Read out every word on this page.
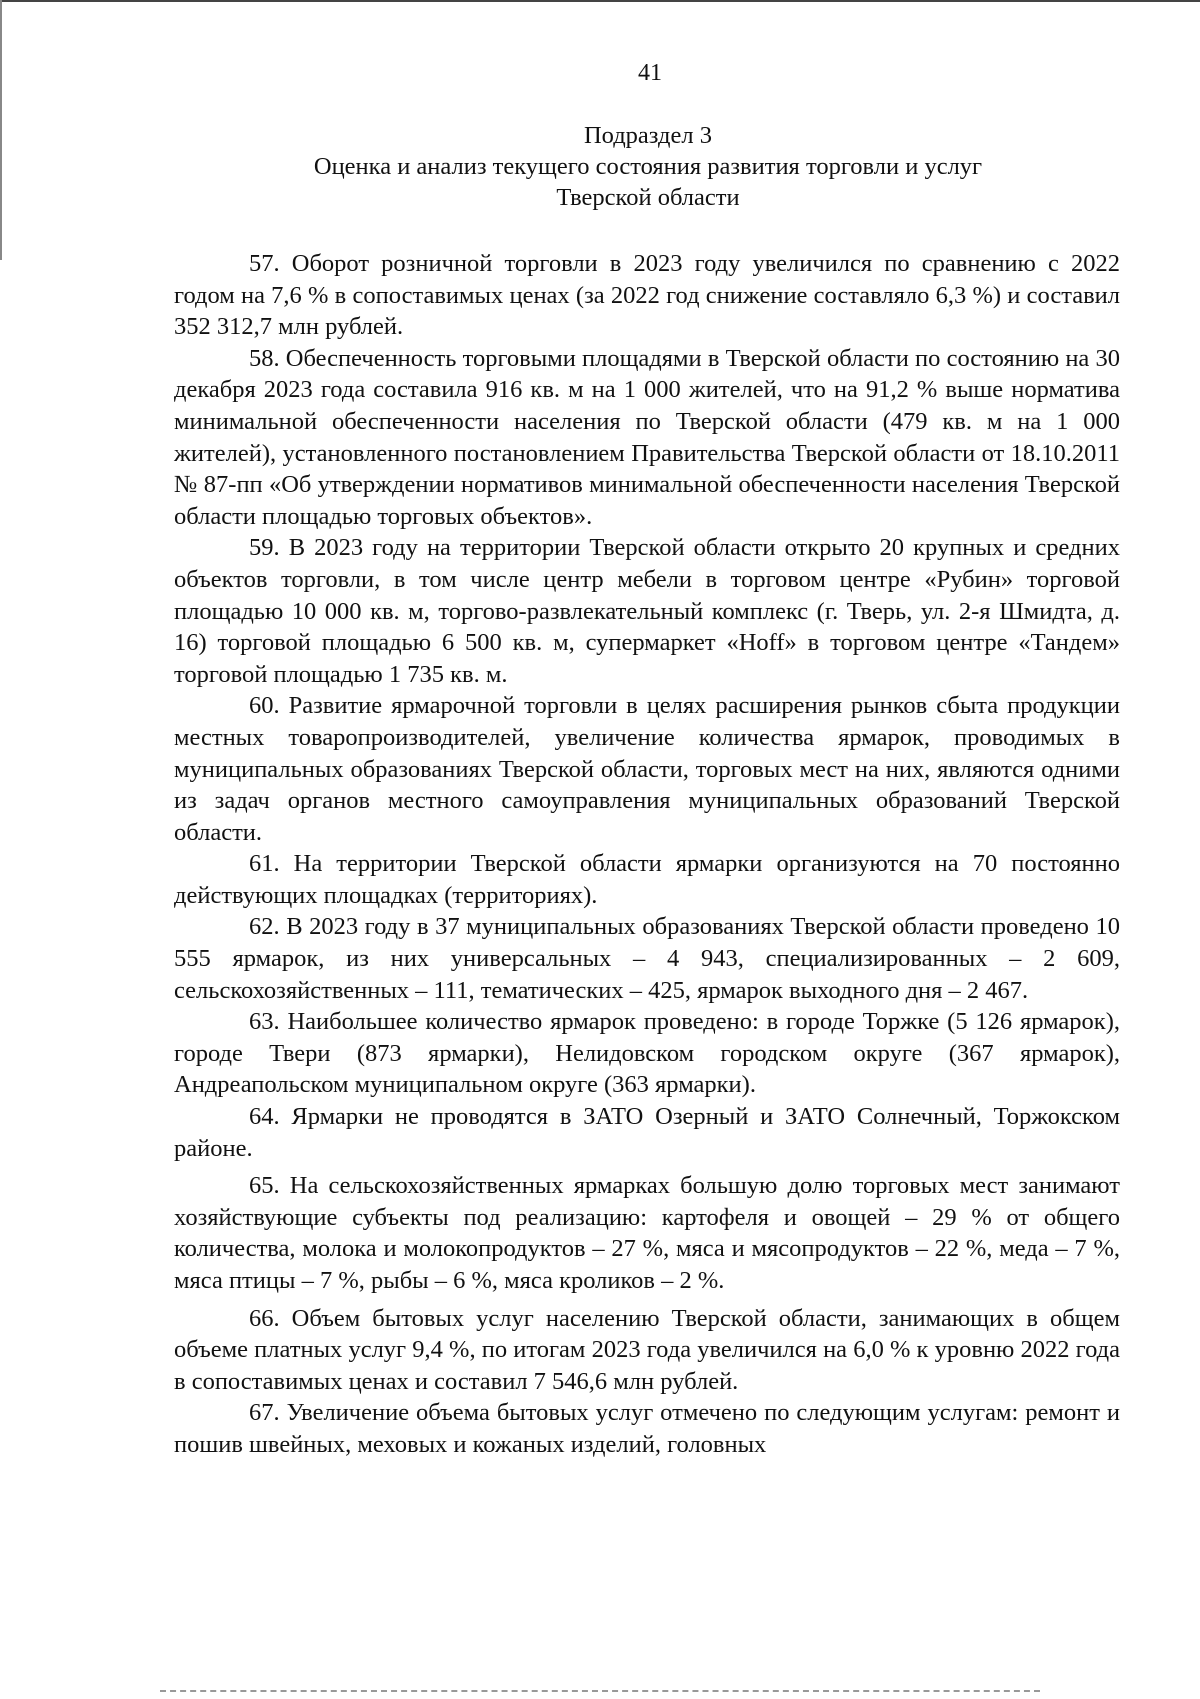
41
Подраздел 3
Оценка и анализ текущего состояния развития торговли и услуг
Тверской области

57. Оборот розничной торговли в 2023 году увеличился по сравнению с 2022 годом на 7,6 % в сопоставимых ценах (за 2022 год снижение составляло 6,3 %) и составил 352 312,7 млн рублей.

58. Обеспеченность торговыми площадями в Тверской области по состоянию на 30 декабря 2023 года составила 916 кв. м на 1 000 жителей, что на 91,2 % выше норматива минимальной обеспеченности населения по Тверской области (479 кв. м на 1 000 жителей), установленного постановлением Правительства Тверской области от 18.10.2011 № 87-пп «Об утверждении нормативов минимальной обеспеченности населения Тверской области площадью торговых объектов».

59. В 2023 году на территории Тверской области открыто 20 крупных и средних объектов торговли, в том числе центр мебели в торговом центре «Рубин» торговой площадью 10 000 кв. м, торгово-развлекательный комплекс (г. Тверь, ул. 2-я Шмидта, д. 16) торговой площадью 6 500 кв. м, супермаркет «Hoff» в торговом центре «Тандем» торговой площадью 1 735 кв. м.

60. Развитие ярмарочной торговли в целях расширения рынков сбыта продукции местных товаропроизводителей, увеличение количества ярмарок, проводимых в муниципальных образованиях Тверской области, торговых мест на них, являются одними из задач органов местного самоуправления муниципальных образований Тверской области.

61. На территории Тверской области ярмарки организуются на 70 постоянно действующих площадках (территориях).

62. В 2023 году в 37 муниципальных образованиях Тверской области проведено 10 555 ярмарок, из них универсальных – 4 943, специализированных – 2 609, сельскохозяйственных – 111, тематических – 425, ярмарок выходного дня – 2 467.

63. Наибольшее количество ярмарок проведено: в городе Торжке (5 126 ярмарок), городе Твери (873 ярмарки), Нелидовском городском округе (367 ярмарок), Андреапольском муниципальном округе (363 ярмарки).

64. Ярмарки не проводятся в ЗАТО Озерный и ЗАТО Солнечный, Торжокском районе.

65. На сельскохозяйственных ярмарках большую долю торговых мест занимают хозяйствующие субъекты под реализацию: картофеля и овощей – 29 % от общего количества, молока и молокопродуктов – 27 %, мяса и мясопродуктов – 22 %, меда – 7 %, мяса птицы – 7 %, рыбы – 6 %, мяса кроликов – 2 %.

66. Объем бытовых услуг населению Тверской области, занимающих в общем объеме платных услуг 9,4 %, по итогам 2023 года увеличился на 6,0 % к уровню 2022 года в сопоставимых ценах и составил 7 546,6 млн рублей.

67. Увеличение объема бытовых услуг отмечено по следующим услугам: ремонт и пошив швейных, меховых и кожаных изделий, головных
